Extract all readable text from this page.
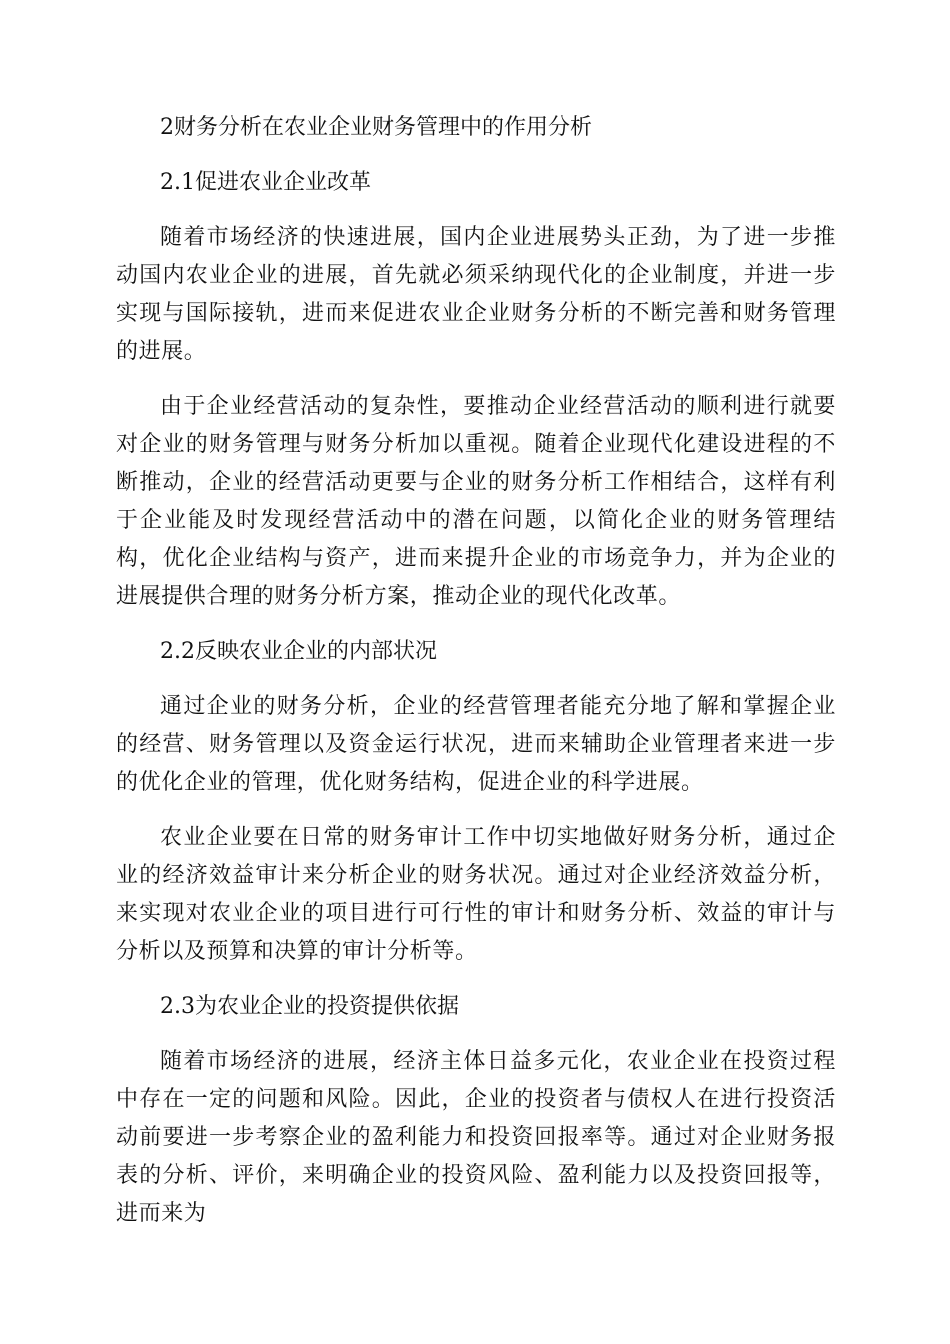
2财务分析在农业企业财务管理中的作用分析

2.1促进农业企业改革

随着市场经济的快速进展，国内企业进展势头正劲，为了进一步推动国内农业企业的进展，首先就必须采纳现代化的企业制度，并进一步实现与国际接轨，进而来促进农业企业财务分析的不断完善和财务管理的进展。

由于企业经营活动的复杂性，要推动企业经营活动的顺利进行就要对企业的财务管理与财务分析加以重视。随着企业现代化建设进程的不断推动，企业的经营活动更要与企业的财务分析工作相结合，这样有利于企业能及时发现经营活动中的潜在问题，以简化企业的财务管理结构，优化企业结构与资产，进而来提升企业的市场竞争力，并为企业的进展提供合理的财务分析方案，推动企业的现代化改革。

2.2反映农业企业的内部状况

通过企业的财务分析，企业的经营管理者能充分地了解和掌握企业的经营、财务管理以及资金运行状况，进而来辅助企业管理者来进一步的优化企业的管理，优化财务结构，促进企业的科学进展。

农业企业要在日常的财务审计工作中切实地做好财务分析，通过企业的经济效益审计来分析企业的财务状况。通过对企业经济效益分析，来实现对农业企业的项目进行可行性的审计和财务分析、效益的审计与分析以及预算和决算的审计分析等。

2.3为农业企业的投资提供依据

随着市场经济的进展，经济主体日益多元化，农业企业在投资过程中存在一定的问题和风险。因此，企业的投资者与债权人在进行投资活动前要进一步考察企业的盈利能力和投资回报率等。通过对企业财务报表的分析、评价，来明确企业的投资风险、盈利能力以及投资回报等，进而来为
